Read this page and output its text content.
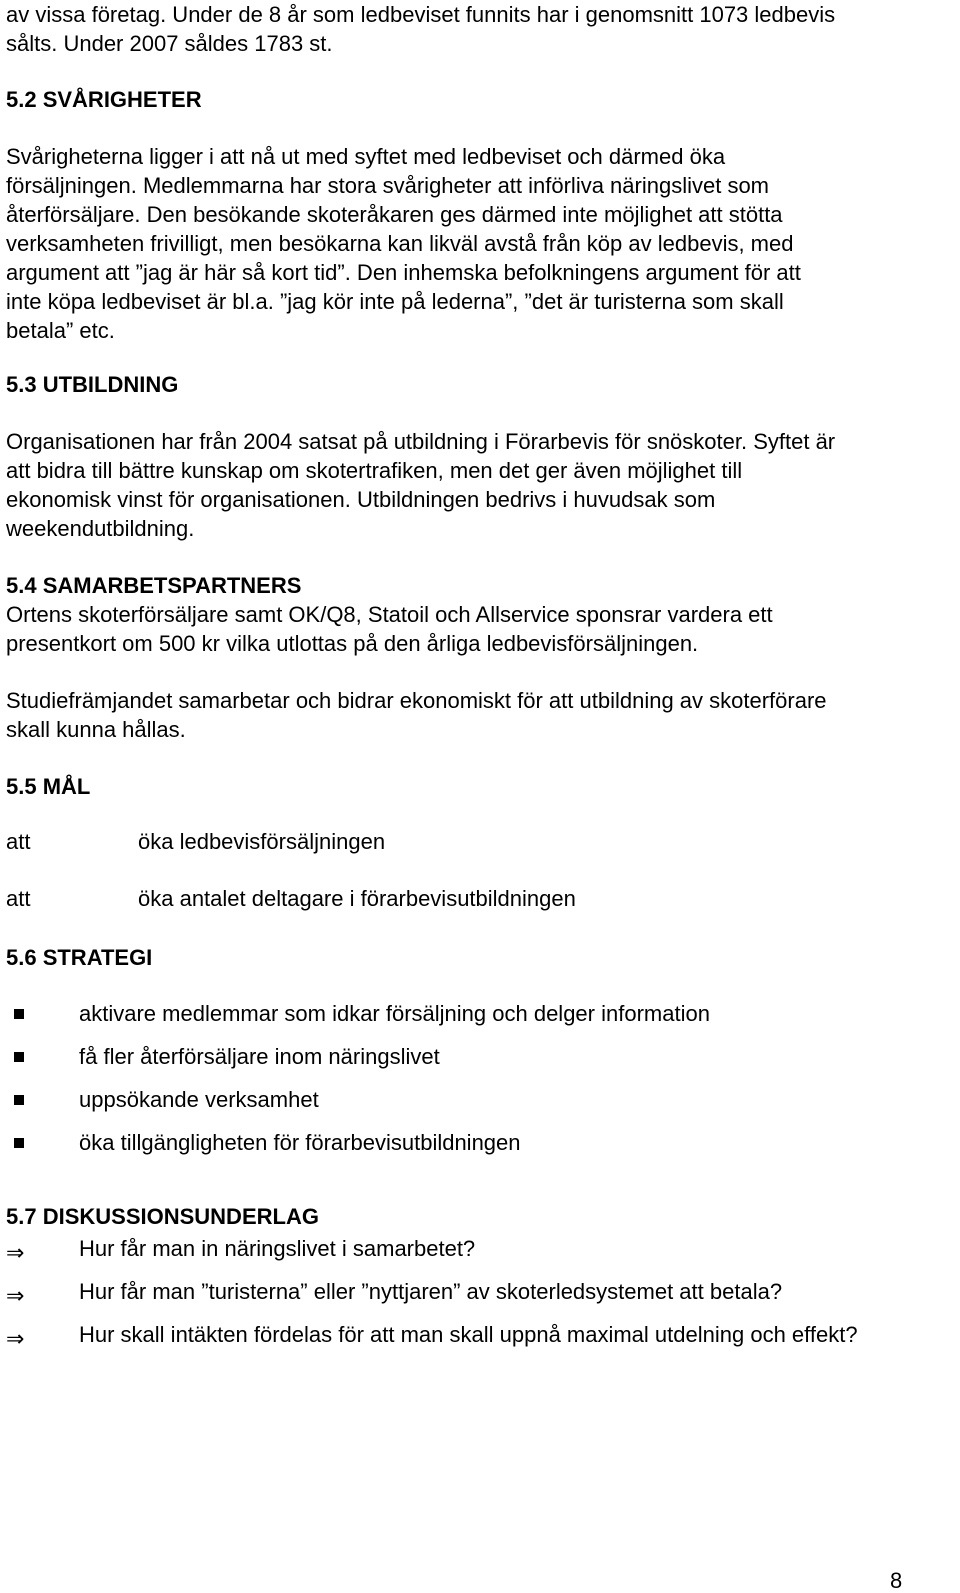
av vissa företag. Under de 8 år som ledbeviset funnits har i genomsnitt 1073 ledbevis

sålts. Under 2007 såldes 1783 st.

5.2 SVÅRIGHETER

Svårigheterna ligger i att nå ut med syftet med ledbeviset och därmed öka

försäljningen. Medlemmarna har stora svårigheter att införliva näringslivet som

återförsäljare. Den besökande skoteråkaren ges därmed inte möjlighet att stötta

verksamheten frivilligt, men besökarna kan likväl avstå från köp av ledbevis, med

argument att ”jag är här så kort tid”. Den inhemska befolkningens argument för att

inte köpa ledbeviset är bl.a. ”jag kör inte på lederna”, ”det är turisterna som skall

betala” etc.

5.3 UTBILDNING

Organisationen har från 2004 satsat på utbildning i Förarbevis för snöskoter. Syftet är

att bidra till bättre kunskap om skotertrafiken, men det ger även möjlighet till

ekonomisk vinst för organisationen. Utbildningen bedrivs i huvudsak som

weekendutbildning.

5.4 SAMARBETSPARTNERS

Ortens skoterförsäljare samt OK/Q8, Statoil och Allservice sponsrar vardera ett

presentkort om 500 kr vilka utlottas på den årliga ledbevisförsäljningen.

Studiefrämjandet samarbetar och bidrar ekonomiskt för att utbildning av skoterförare

skall kunna hållas.

5.5 MÅL
att	öka ledbevisförsäljningen
att	öka antalet deltagare i förarbevisutbildningen
5.6 STRATEGI
aktivare medlemmar som idkar försäljning och delger information
få fler återförsäljare inom näringslivet
uppsökande verksamhet
öka tillgängligheten för förarbevisutbildningen
5.7 DISKUSSIONSUNDERLAG
⇒ Hur får man in näringslivet i samarbetet?

⇒ Hur får man ”turisterna” eller ”nyttjaren” av skoterledsystemet att betala?

⇒ Hur skall intäkten fördelas för att man skall uppnå maximal utdelning och effekt?

8
